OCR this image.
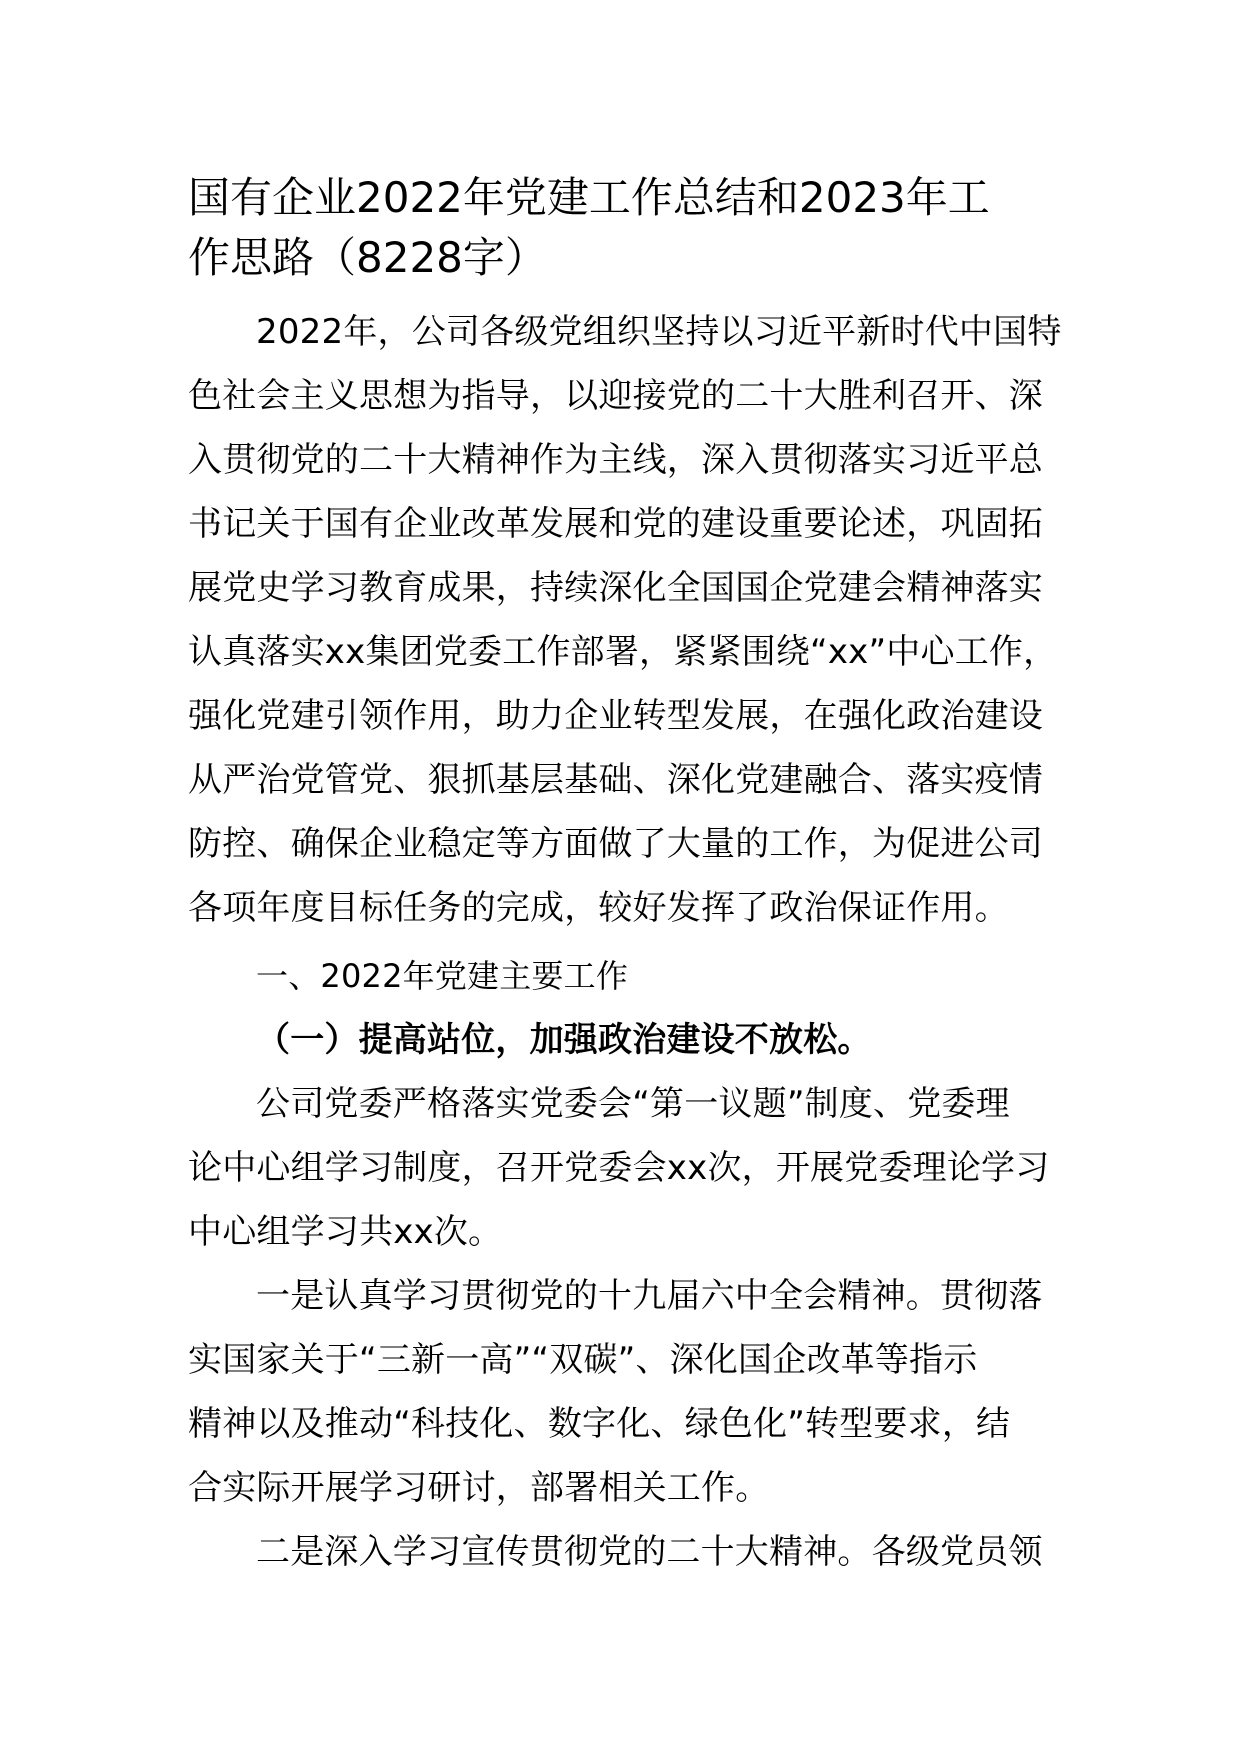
国有企业2022年党建工作总结和2023年工
作思路（8228字）
2022年，公司各级党组织坚持以习近平新时代中国特
色社会主义思想为指导，以迎接党的二十大胜利召开、深
入贯彻党的二十大精神作为主线，深入贯彻落实习近平总
书记关于国有企业改革发展和党的建设重要论述，巩固拓
展党史学习教育成果，持续深化全国国企党建会精神落实
认真落实xx集团党委工作部署，紧紧围绕“xx”中心工作，
强化党建引领作用，助力企业转型发展，在强化政治建设
从严治党管党、狠抓基层基础、深化党建融合、落实疫情
防控、确保企业稳定等方面做了大量的工作，为促进公司
各项年度目标任务的完成，较好发挥了政治保证作用。
一、2022年党建主要工作
（一）提高站位，加强政治建设不放松。
公司党委严格落实党委会“第一议题”制度、党委理
论中心组学习制度，召开党委会xx次，开展党委理论学习
中心组学习共xx次。
一是认真学习贯彻党的十九届六中全会精神。贯彻落
实国家关于“三新一高”“双碳”、深化国企改革等指示
精神以及推动“科技化、数字化、绿色化”转型要求，结
合实际开展学习研讨，部署相关工作。
二是深入学习宣传贯彻党的二十大精神。各级党员领
